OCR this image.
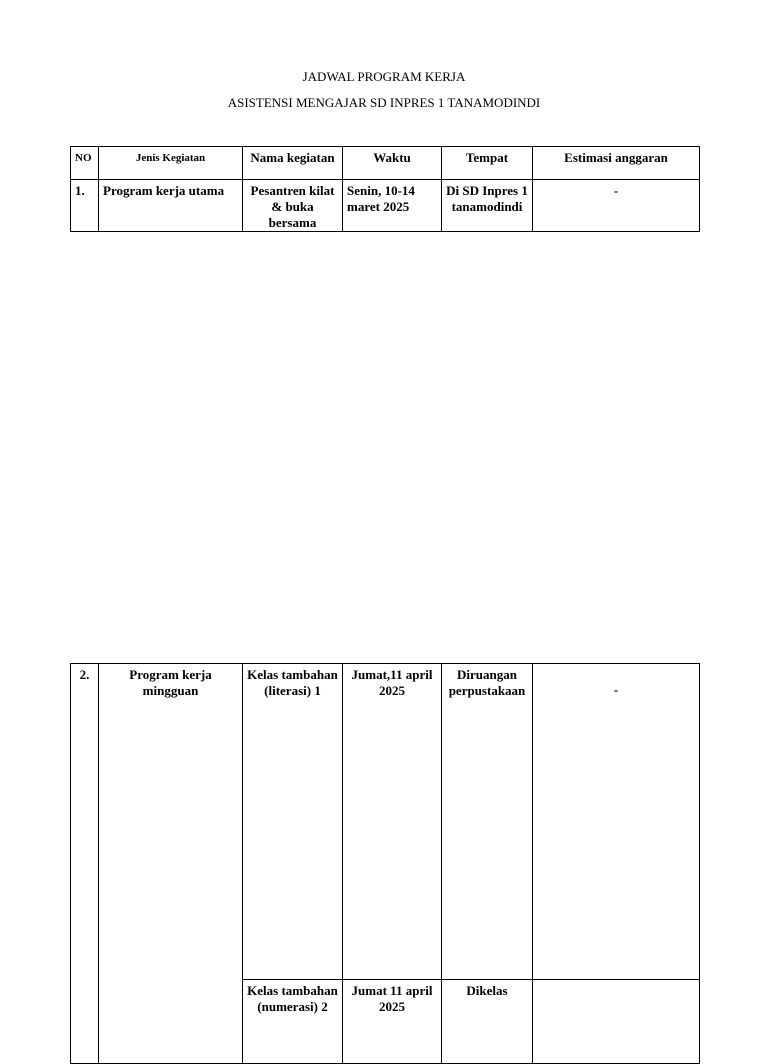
JADWAL PROGRAM KERJA
ASISTENSI MENGAJAR SD INPRES 1 TANAMODINDI
NO	Jenis Kegiatan	Nama kegiatan	Waktu	Tempat	Estimasi anggaran
1.	Program kerja utama	Pesantren kilat & buka bersama	Senin, 10-14 maret 2025	Di SD Inpres 1 tanamodindi	-
2.	Program kerja mingguan	Kelas tambahan (literasi) 1	Jumat,11 april 2025	Diruangan perpustakaan	-
		Kelas tambahan (numerasi) 2	Jumat 11 april 2025	Dikelas	
